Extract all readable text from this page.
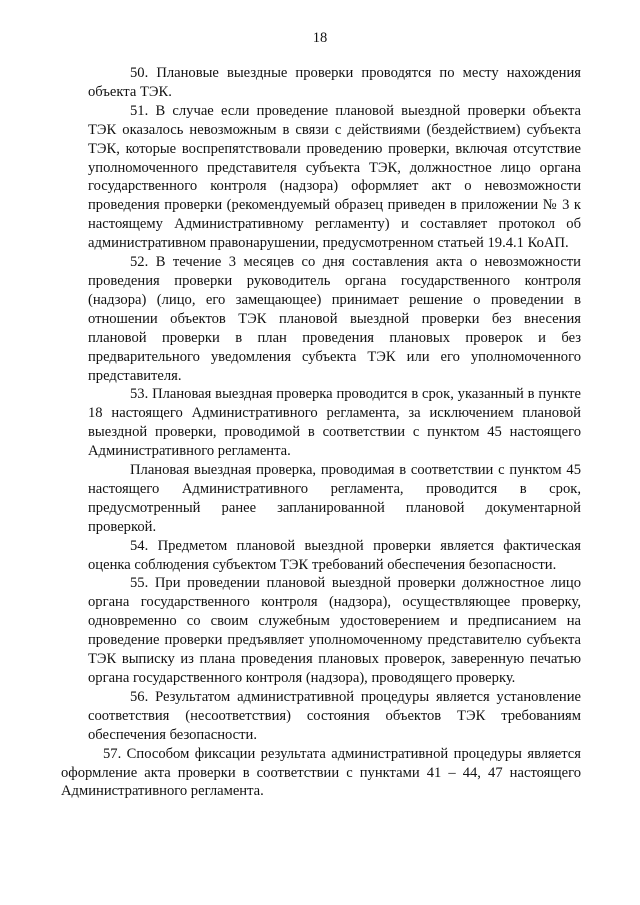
18

50. Плановые выездные проверки проводятся по месту нахождения объекта ТЭК.

51. В случае если проведение плановой выездной проверки объекта ТЭК оказалось невозможным в связи с действиями (бездействием) субъекта ТЭК, которые воспрепятствовали проведению проверки, включая отсутствие уполномоченного представителя субъекта ТЭК, должностное лицо органа государственного контроля (надзора) оформляет акт о невозможности проведения проверки (рекомендуемый образец приведен в приложении № 3 к настоящему Административному регламенту) и составляет протокол об административном правонарушении, предусмотренном статьей 19.4.1 КоАП.

52. В течение 3 месяцев со дня составления акта о невозможности проведения проверки руководитель органа государственного контроля (надзора) (лицо, его замещающее) принимает решение о проведении в отношении объектов ТЭК плановой выездной проверки без внесения плановой проверки в план проведения плановых проверок и без предварительного уведомления субъекта ТЭК или его уполномоченного представителя.

53. Плановая выездная проверка проводится в срок, указанный в пункте 18 настоящего Административного регламента, за исключением плановой выездной проверки, проводимой в соответствии с пунктом 45 настоящего Административного регламента.

Плановая выездная проверка, проводимая в соответствии с пунктом 45 настоящего Административного регламента, проводится в срок, предусмотренный ранее запланированной плановой документарной проверкой.

54. Предметом плановой выездной проверки является фактическая оценка соблюдения субъектом ТЭК требований обеспечения безопасности.

55. При проведении плановой выездной проверки должностное лицо органа государственного контроля (надзора), осуществляющее проверку, одновременно со своим служебным удостоверением и предписанием на проведение проверки предъявляет уполномоченному представителю субъекта ТЭК выписку из плана проведения плановых проверок, заверенную печатью органа государственного контроля (надзора), проводящего проверку.

56. Результатом административной процедуры является установление соответствия (несоответствия) состояния объектов ТЭК требованиям обеспечения безопасности.

57. Способом фиксации результата административной процедуры является оформление акта проверки в соответствии с пунктами 41 – 44, 47 настоящего Административного регламента.
